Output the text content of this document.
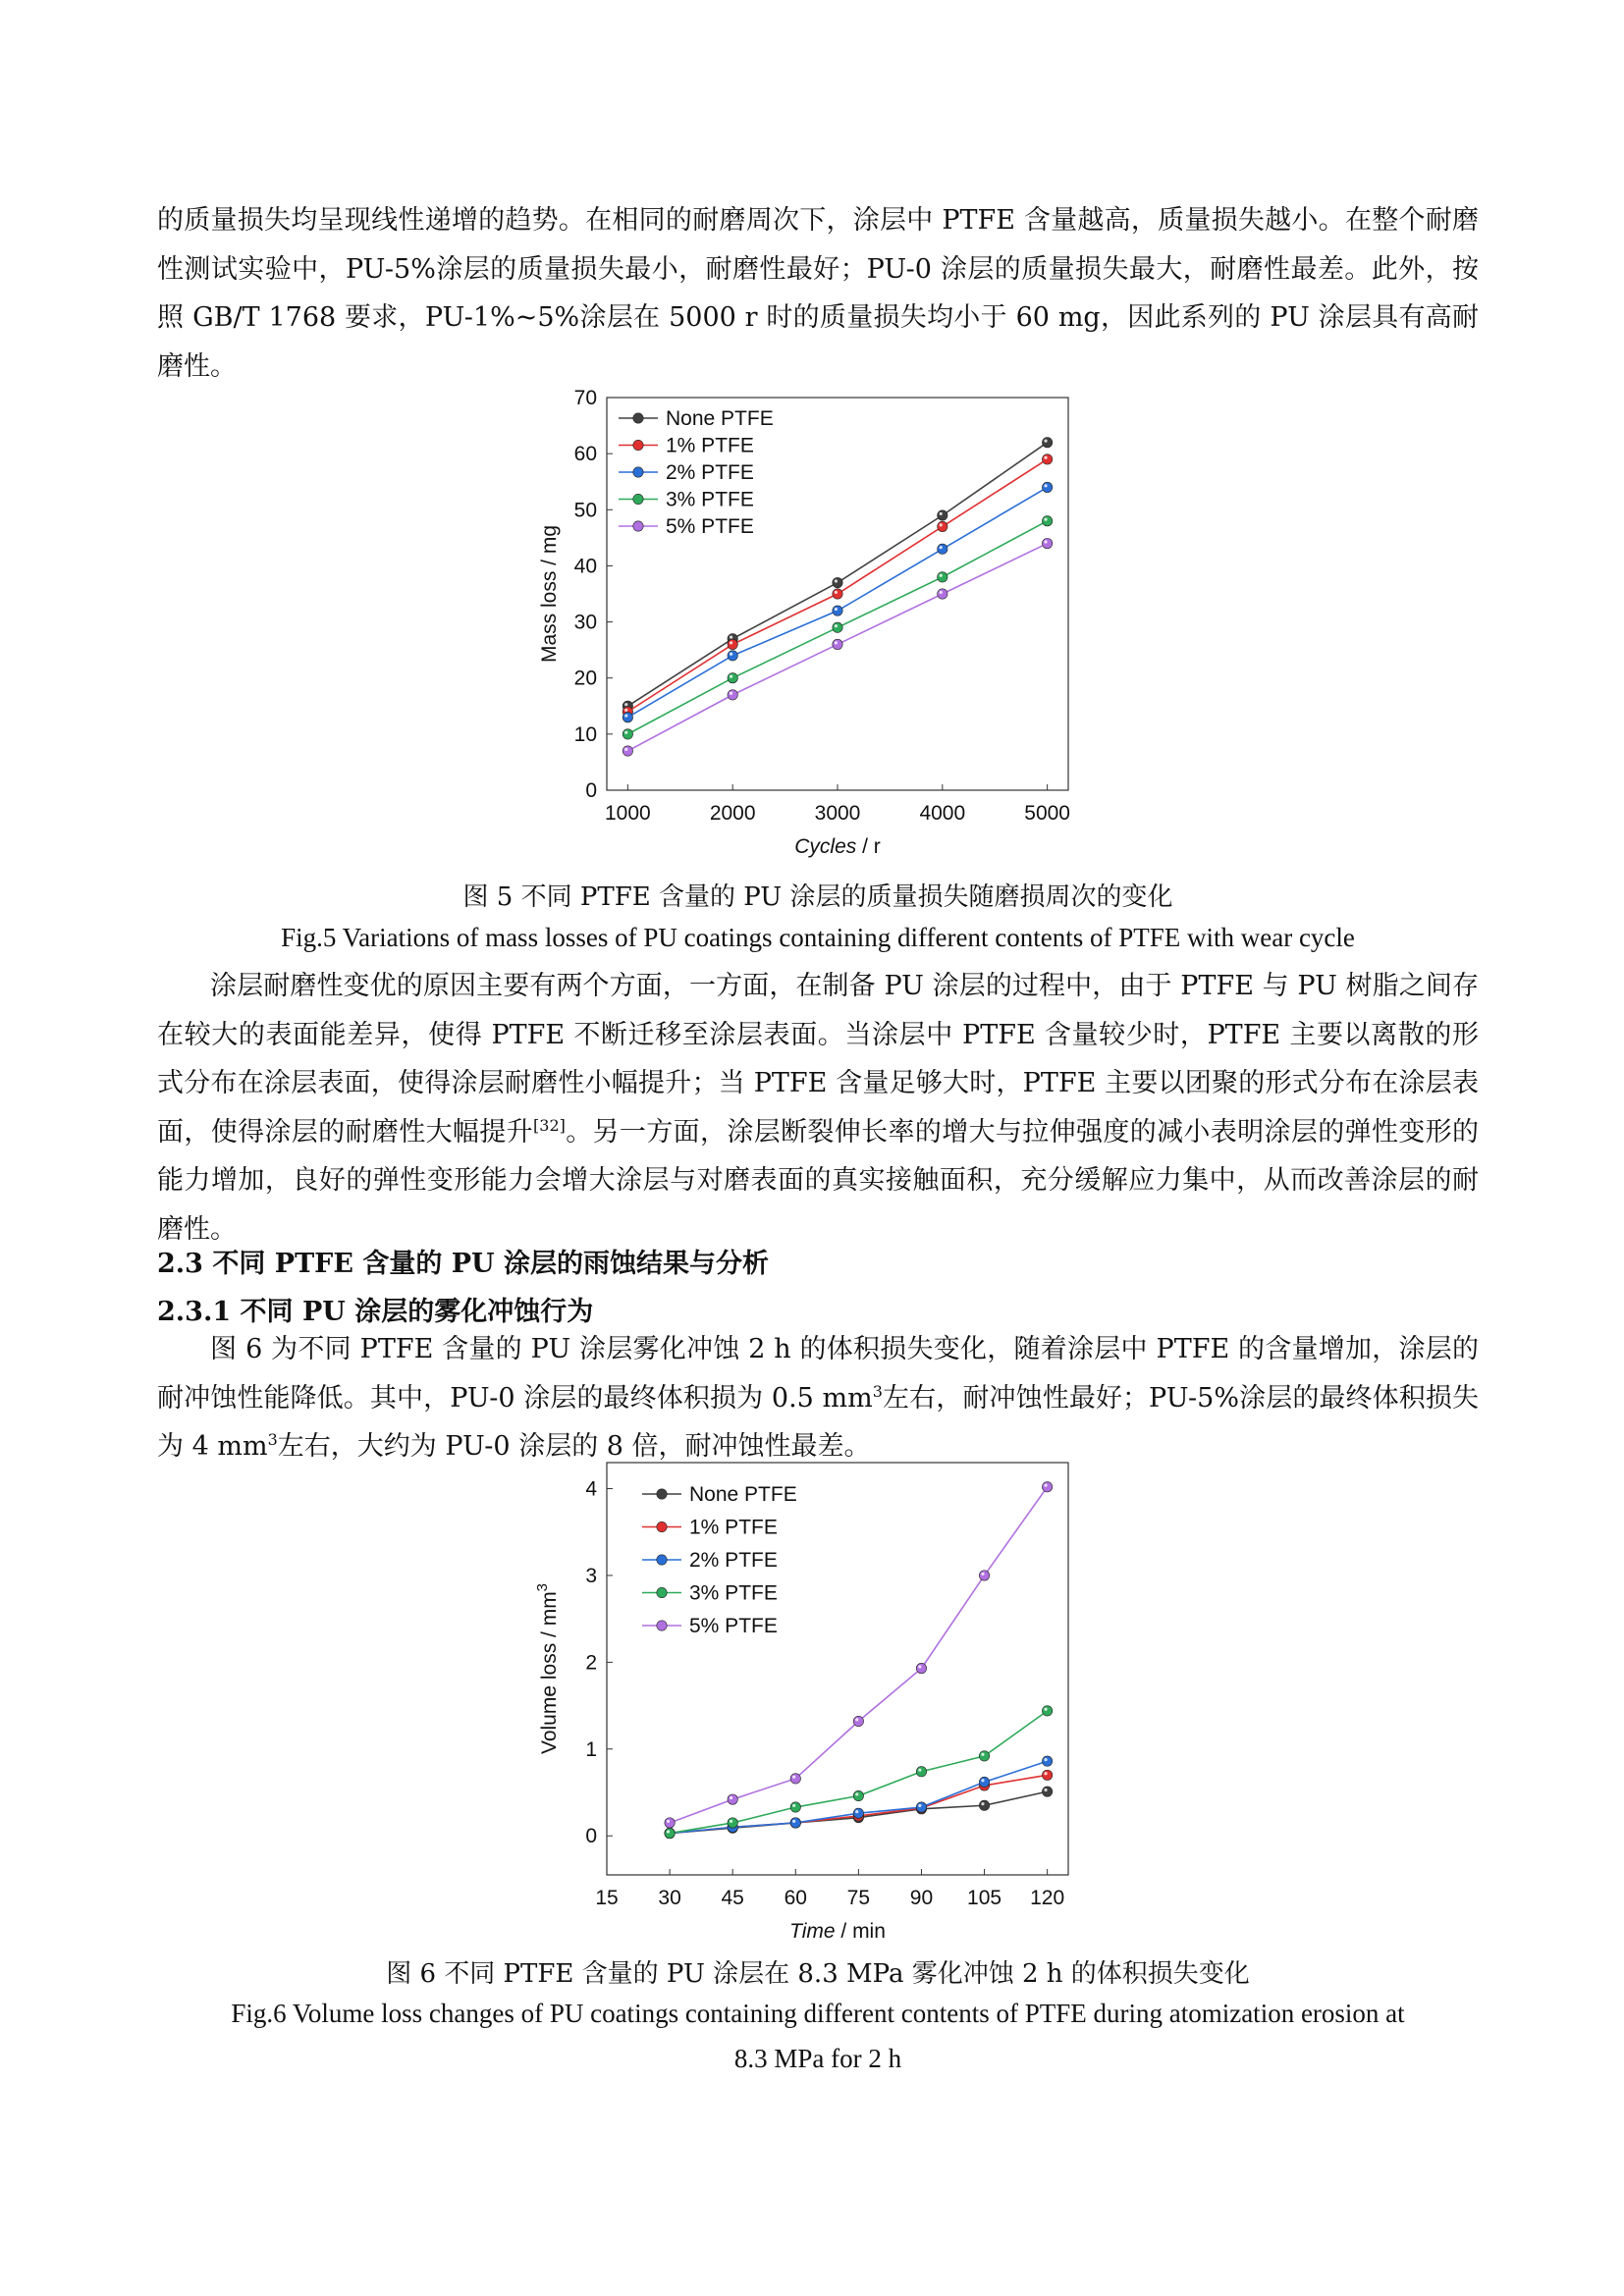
的质量损失均呈现线性递增的趋势。在相同的耐磨周次下，涂层中 PTFE 含量越高，质量损失越小。在整个耐磨性测试实验中，PU-5%涂层的质量损失最小，耐磨性最好；PU-0 涂层的质量损失最大，耐磨性最差。此外，按照 GB/T 1768 要求，PU-1%~5%涂层在 5000 r 时的质量损失均小于 60 mg，因此系列的 PU 涂层具有高耐磨性。

0
10
20
30
40
50
60
70
1000	2000	3000	4000	5000
Cycles / r
Mass loss / mg
None PTFE
1% PTFE
2% PTFE
3% PTFE
5% PTFE

图 5 不同 PTFE 含量的 PU 涂层的质量损失随磨损周次的变化

Fig.5 Variations of mass losses of PU coatings containing different contents of PTFE with wear cycle

涂层耐磨性变优的原因主要有两个方面，一方面，在制备 PU 涂层的过程中，由于 PTFE 与 PU 树脂之间存在较大的表面能差异，使得 PTFE 不断迁移至涂层表面。当涂层中 PTFE 含量较少时，PTFE 主要以离散的形式分布在涂层表面，使得涂层耐磨性小幅提升；当 PTFE 含量足够大时，PTFE 主要以团聚的形式分布在涂层表面，使得涂层的耐磨性大幅提升[32]。另一方面，涂层断裂伸长率的增大与拉伸强度的减小表明涂层的弹性变形的能力增加，良好的弹性变形能力会增大涂层与对磨表面的真实接触面积，充分缓解应力集中，从而改善涂层的耐磨性。

2.3 不同 PTFE 含量的 PU 涂层的雨蚀结果与分析

2.3.1 不同 PU 涂层的雾化冲蚀行为

图 6 为不同 PTFE 含量的 PU 涂层雾化冲蚀 2 h 的体积损失变化，随着涂层中 PTFE 的含量增加，涂层的耐冲蚀性能降低。其中，PU-0 涂层的最终体积损为 0.5 $mm^3$左右，耐冲蚀性最好；PU-5%涂层的最终体积损失为 4 $mm^3$左右，大约为 PU-0 涂层的 8 倍，耐冲蚀性最差。

0
1
2
3
4
15 30 45 60 75 90 105 120
Time / min
Volume loss / $mm^3$
None PTFE
1% PTFE
2% PTFE
3% PTFE
5% PTFE

图 6 不同 PTFE 含量的 PU 涂层在 8.3 MPa 雾化冲蚀 2 h 的体积损失变化

Fig.6 Volume loss changes of PU coatings containing different contents of PTFE during atomization erosion at

8.3 MPa for 2 h
